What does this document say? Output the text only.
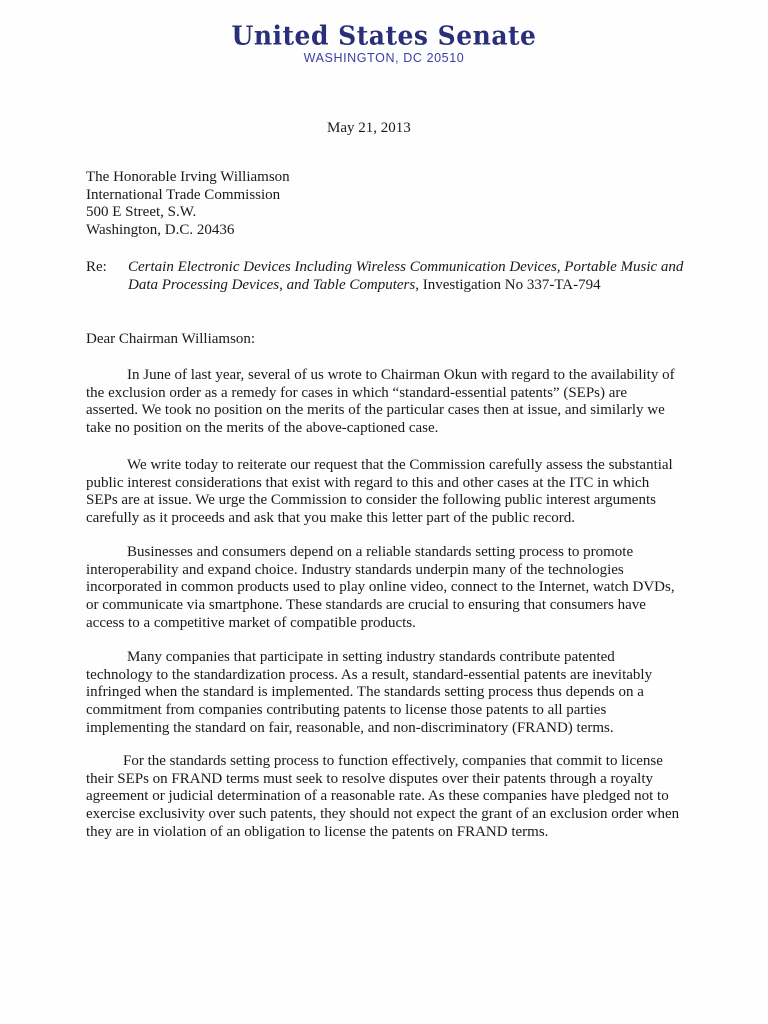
United States Senate
WASHINGTON, DC 20510
May 21, 2013
The Honorable Irving Williamson
International Trade Commission
500 E Street, S.W.
Washington, D.C. 20436
Re: Certain Electronic Devices Including Wireless Communication Devices, Portable Music and Data Processing Devices, and Table Computers, Investigation No 337-TA-794
Dear Chairman Williamson:

In June of last year, several of us wrote to Chairman Okun with regard to the availability of the exclusion order as a remedy for cases in which “standard-essential patents” (SEPs) are asserted. We took no position on the merits of the particular cases then at issue, and similarly we take no position on the merits of the above-captioned case.

We write today to reiterate our request that the Commission carefully assess the substantial public interest considerations that exist with regard to this and other cases at the ITC in which SEPs are at issue. We urge the Commission to consider the following public interest arguments carefully as it proceeds and ask that you make this letter part of the public record.

Businesses and consumers depend on a reliable standards setting process to promote interoperability and expand choice. Industry standards underpin many of the technologies incorporated in common products used to play online video, connect to the Internet, watch DVDs, or communicate via smartphone. These standards are crucial to ensuring that consumers have access to a competitive market of compatible products.

Many companies that participate in setting industry standards contribute patented technology to the standardization process. As a result, standard-essential patents are inevitably infringed when the standard is implemented. The standards setting process thus depends on a commitment from companies contributing patents to license those patents to all parties implementing the standard on fair, reasonable, and non-discriminatory (FRAND) terms.

For the standards setting process to function effectively, companies that commit to license their SEPs on FRAND terms must seek to resolve disputes over their patents through a royalty agreement or judicial determination of a reasonable rate. As these companies have pledged not to exercise exclusivity over such patents, they should not expect the grant of an exclusion order when they are in violation of an obligation to license the patents on FRAND terms.
